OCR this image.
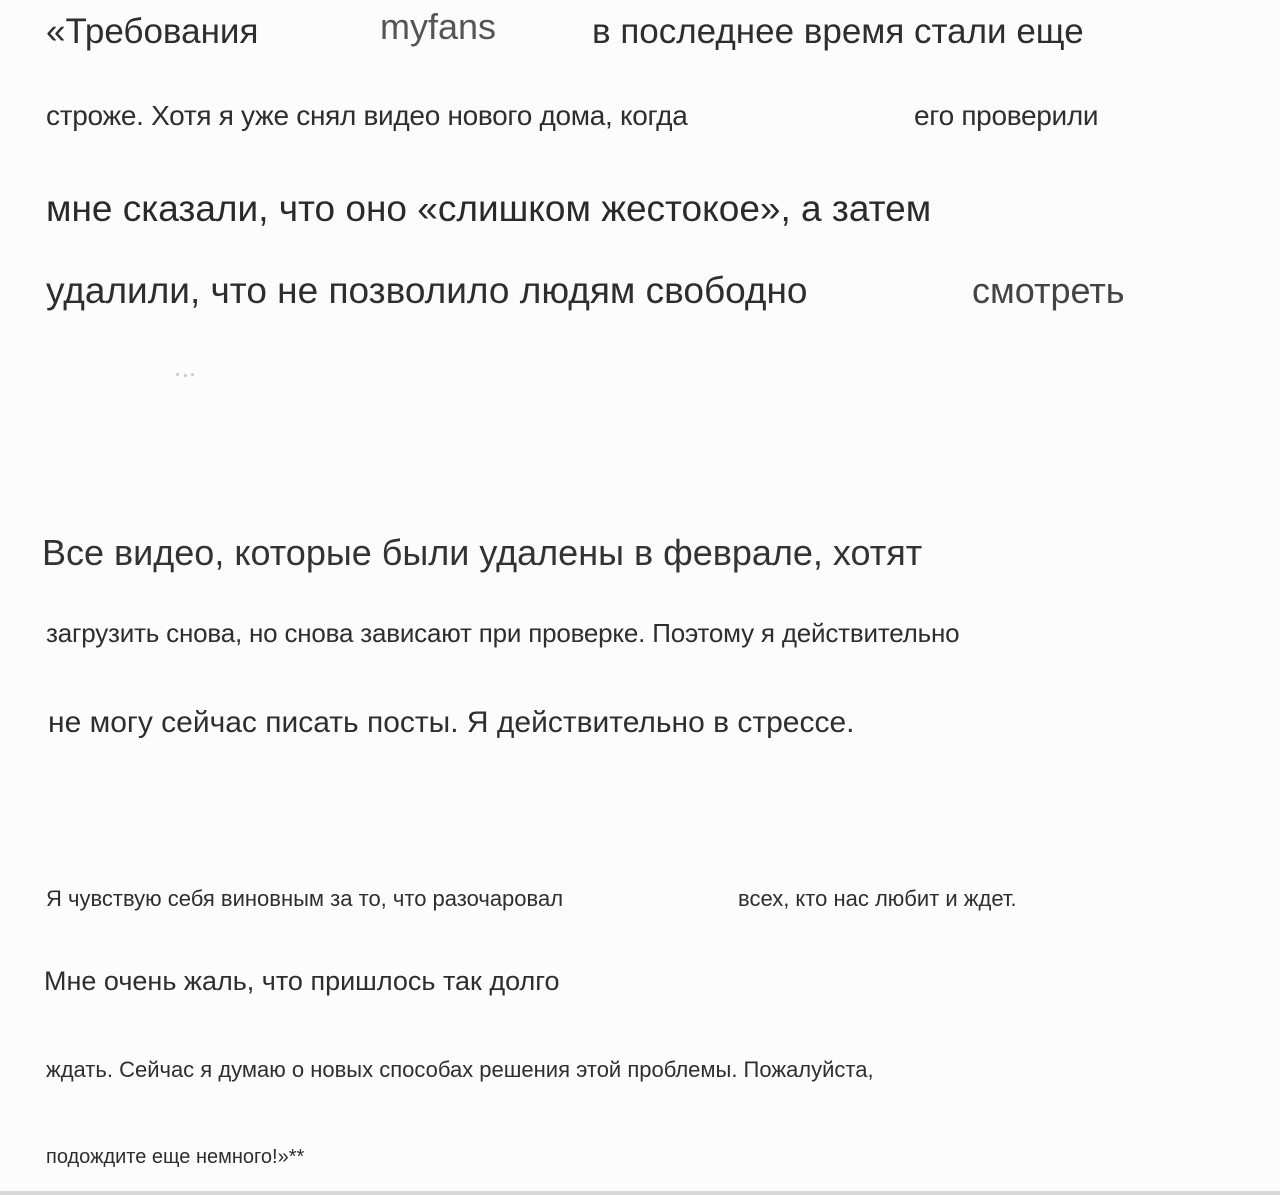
«Требования	myfans	в последнее время стали еще
строже. Хотя я уже снял видео нового дома, когда	его проверили
мне сказали, что оно «слишком жестокое», а затем
удалили, что не позволило людям свободно	смотреть
Все видео, которые были удалены в феврале, хотят
загрузить снова, но снова зависают при проверке. Поэтому я действительно
не могу сейчас писать посты. Я действительно в стрессе.
Я чувствую себя виновным за то, что разочаровал	всех, кто нас любит и ждет.
Мне очень жаль, что пришлось так долго
ждать. Сейчас я думаю о новых способах решения этой проблемы. Пожалуйста,
подождите еще немного!»**
